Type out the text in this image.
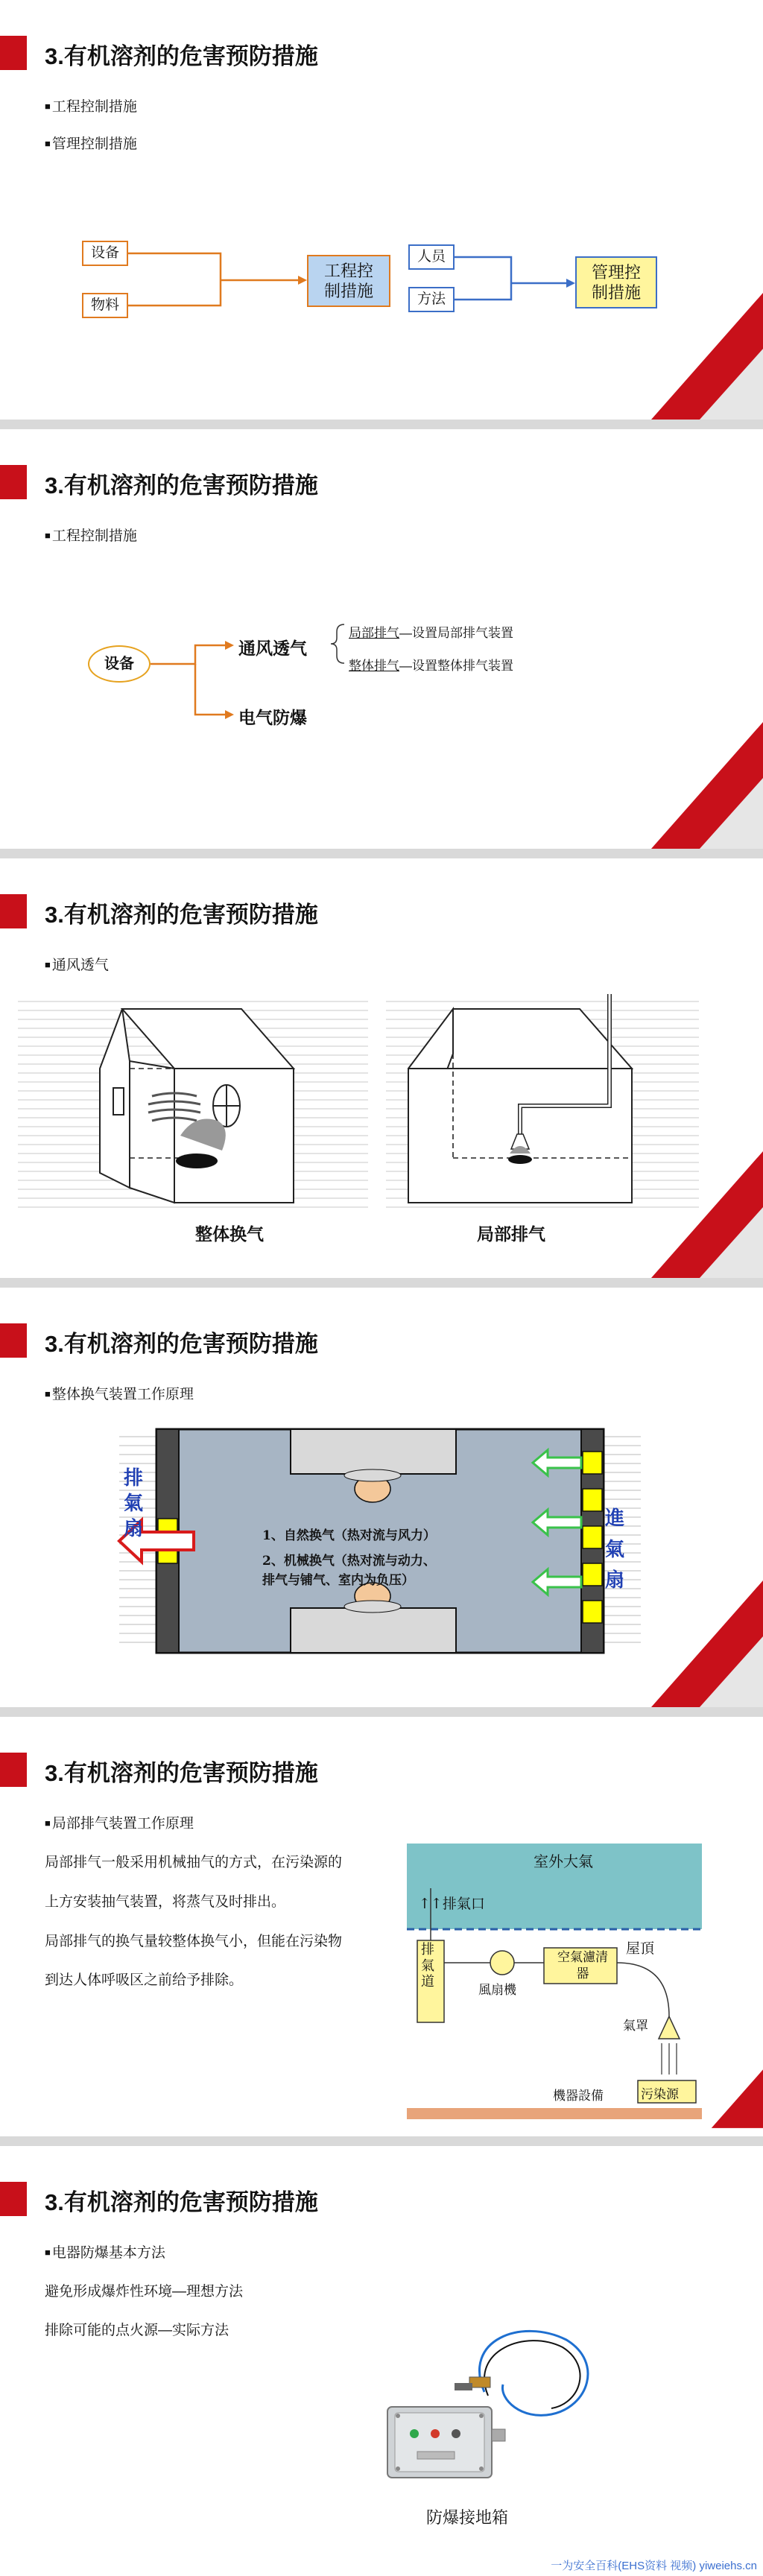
3.有机溶剂的危害预防措施
■ 工程控制措施
■ 管理控制措施
设备
物料
工程控
制措施
人员
方法
管理控
制措施
3.有机溶剂的危害预防措施
■ 工程控制措施
设备
通风透气
电气防爆
局部排气—设置局部排气装置
整体排气—设置整体排气装置
3.有机溶剂的危害预防措施
■ 通风透气
整体换气	局部排气
3.有机溶剂的危害预防措施
■ 整体换气装置工作原理
1、自然换气（热对流与风力）
2、机械换气（热对流与动力、
排气与铺气、室内为负压）
排氣扇	進氣扇
3.有机溶剂的危害预防措施
■ 局部排气装置工作原理
局部排气一般采用机械抽气的方式，在污染源的
上方安装抽气装置，将蒸气及时排出。
局部排气的换气量较整体换气小，但能在污染物
到达人体呼吸区之前给予排除。
室外大氣
↑↑排氣口
屋頂
排氣道
空氣濾清器
風扇機
氣罩
機器設備	污染源
3.有机溶剂的危害预防措施
■ 电器防爆基本方法
避免形成爆炸性环境—理想方法
排除可能的点火源—实际方法
防爆接地箱
一为安全百科(EHS资料 视频) yiweiehs.cn
